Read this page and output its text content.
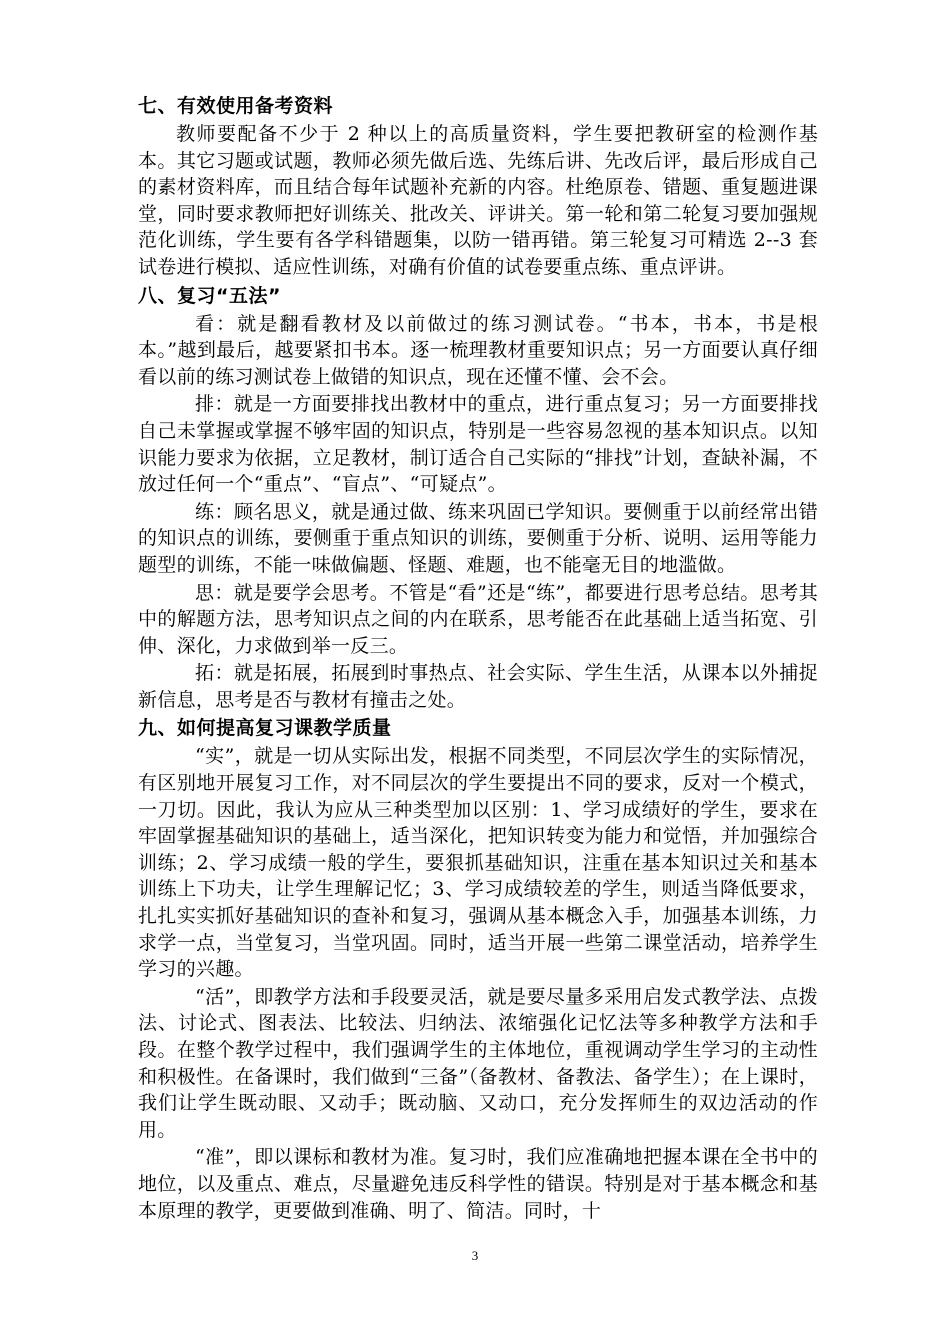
七、有效使用备考资料

教师要配备不少于 2 种以上的高质量资料，学生要把教研室的检测作基本。其它习题或试题，教师必须先做后选、先练后讲、先改后评，最后形成自己的素材资料库，而且结合每年试题补充新的内容。杜绝原卷、错题、重复题进课堂，同时要求教师把好训练关、批改关、评讲关。第一轮和第二轮复习要加强规范化训练，学生要有各学科错题集，以防一错再错。第三轮复习可精选 2--3 套试卷进行模拟、适应性训练，对确有价值的试卷要重点练、重点评讲。

八、复习“五法”

看：就是翻看教材及以前做过的练习测试卷。“书本，书本，书是根本。”越到最后，越要紧扣书本。逐一梳理教材重要知识点；另一方面要认真仔细看以前的练习测试卷上做错的知识点，现在还懂不懂、会不会。

排：就是一方面要排找出教材中的重点，进行重点复习；另一方面要排找自己未掌握或掌握不够牢固的知识点，特别是一些容易忽视的基本知识点。以知识能力要求为依据，立足教材，制订适合自己实际的“排找”计划，查缺补漏，不放过任何一个“重点”、“盲点”、“可疑点”。

练：顾名思义，就是通过做、练来巩固已学知识。要侧重于以前经常出错的知识点的训练，要侧重于重点知识的训练，要侧重于分析、说明、运用等能力题型的训练，不能一味做偏题、怪题、难题，也不能毫无目的地滥做。

思：就是要学会思考。不管是“看”还是“练”，都要进行思考总结。思考其中的解题方法，思考知识点之间的内在联系，思考能否在此基础上适当拓宽、引伸、深化，力求做到举一反三。

拓：就是拓展，拓展到时事热点、社会实际、学生生活，从课本以外捕捉新信息，思考是否与教材有撞击之处。

九、如何提高复习课教学质量

“实”，就是一切从实际出发，根据不同类型，不同层次学生的实际情况，有区别地开展复习工作，对不同层次的学生要提出不同的要求，反对一个模式，一刀切。因此，我认为应从三种类型加以区别：1、学习成绩好的学生，要求在牢固掌握基础知识的基础上，适当深化，把知识转变为能力和觉悟，并加强综合训练；2、学习成绩一般的学生，要狠抓基础知识，注重在基本知识过关和基本训练上下功夫，让学生理解记忆；3、学习成绩较差的学生，则适当降低要求，扎扎实实抓好基础知识的查补和复习，强调从基本概念入手，加强基本训练，力求学一点，当堂复习，当堂巩固。同时，适当开展一些第二课堂活动，培养学生学习的兴趣。

“活”，即教学方法和手段要灵活，就是要尽量多采用启发式教学法、点拨法、讨论式、图表法、比较法、归纳法、浓缩强化记忆法等多种教学方法和手段。在整个教学过程中，我们强调学生的主体地位，重视调动学生学习的主动性和积极性。在备课时，我们做到“三备”（备教材、备教法、备学生）；在上课时，我们让学生既动眼、又动手；既动脑、又动口，充分发挥师生的双边活动的作用。

“准”，即以课标和教材为准。复习时，我们应准确地把握本课在全书中的地位，以及重点、难点，尽量避免违反科学性的错误。特别是对于基本概念和基本原理的教学，更要做到准确、明了、简洁。同时，十

3
